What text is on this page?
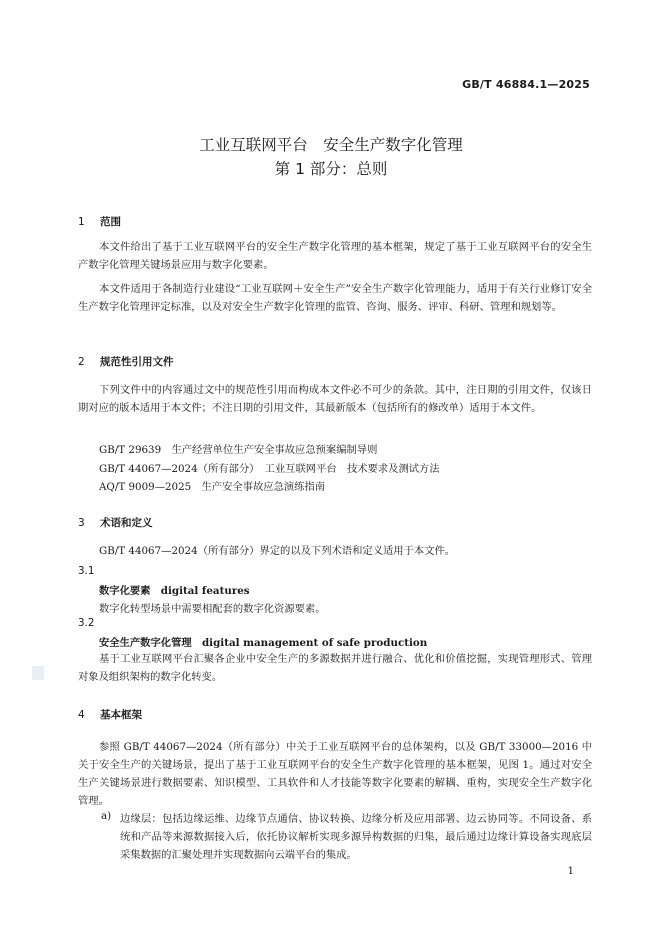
GB/T 46884.1—2025
工业互联网平台　安全生产数字化管理
第 1 部分：总则
1 范围

本文件给出了基于工业互联网平台的安全生产数字化管理的基本框架，规定了基于工业互联网平台的安全生产数字化管理关键场景应用与数字化要素。

本文件适用于各制造行业建设“工业互联网＋安全生产”安全生产数字化管理能力，适用于有关行业修订安全生产数字化管理评定标准，以及对安全生产数字化管理的监管、咨询、服务、评审、科研、管理和规划等。

2 规范性引用文件

下列文件中的内容通过文中的规范性引用而构成本文件必不可少的条款。其中，注日期的引用文件，仅该日期对应的版本适用于本文件；不注日期的引用文件，其最新版本（包括所有的修改单）适用于本文件。

GB/T 29639　生产经营单位生产安全事故应急预案编制导则
GB/T 44067—2024（所有部分）　工业互联网平台　技术要求及测试方法
AQ/T 9009—2025　生产安全事故应急演练指南
3 术语和定义

GB/T 44067—2024（所有部分）界定的以及下列术语和定义适用于本文件。

3.1
数字化要素　 digital features
数字化转型场景中需要相配套的数字化资源要素。
3.2
安全生产数字化管理　 digital management of safe production

基于工业互联网平台汇聚各企业中安全生产的多源数据并进行融合、优化和价值挖掘，实现管理形式、管理对象及组织架构的数字化转变。

4 基本框架

参照 GB/T 44067—2024（所有部分）中关于工业互联网平台的总体架构，以及 GB/T 33000—2016 中关于安全生产的关键场景，提出了基于工业互联网平台的安全生产数字化管理的基本框架，见图 1。通过对安全生产关键场景进行数据要素、知识模型、工具软件和人才技能等数字化要素的解耦、重构，实现安全生产数字化管理。

a) 边缘层：包括边缘运维、边缘节点通信、协议转换、边缘分析及应用部署、边云协同等。不同设备、系统和产品等来源数据接入后，依托协议解析实现多源异构数据的归集，最后通过边缘计算设备实现底层采集数据的汇聚处理并实现数据向云端平台的集成。

1
